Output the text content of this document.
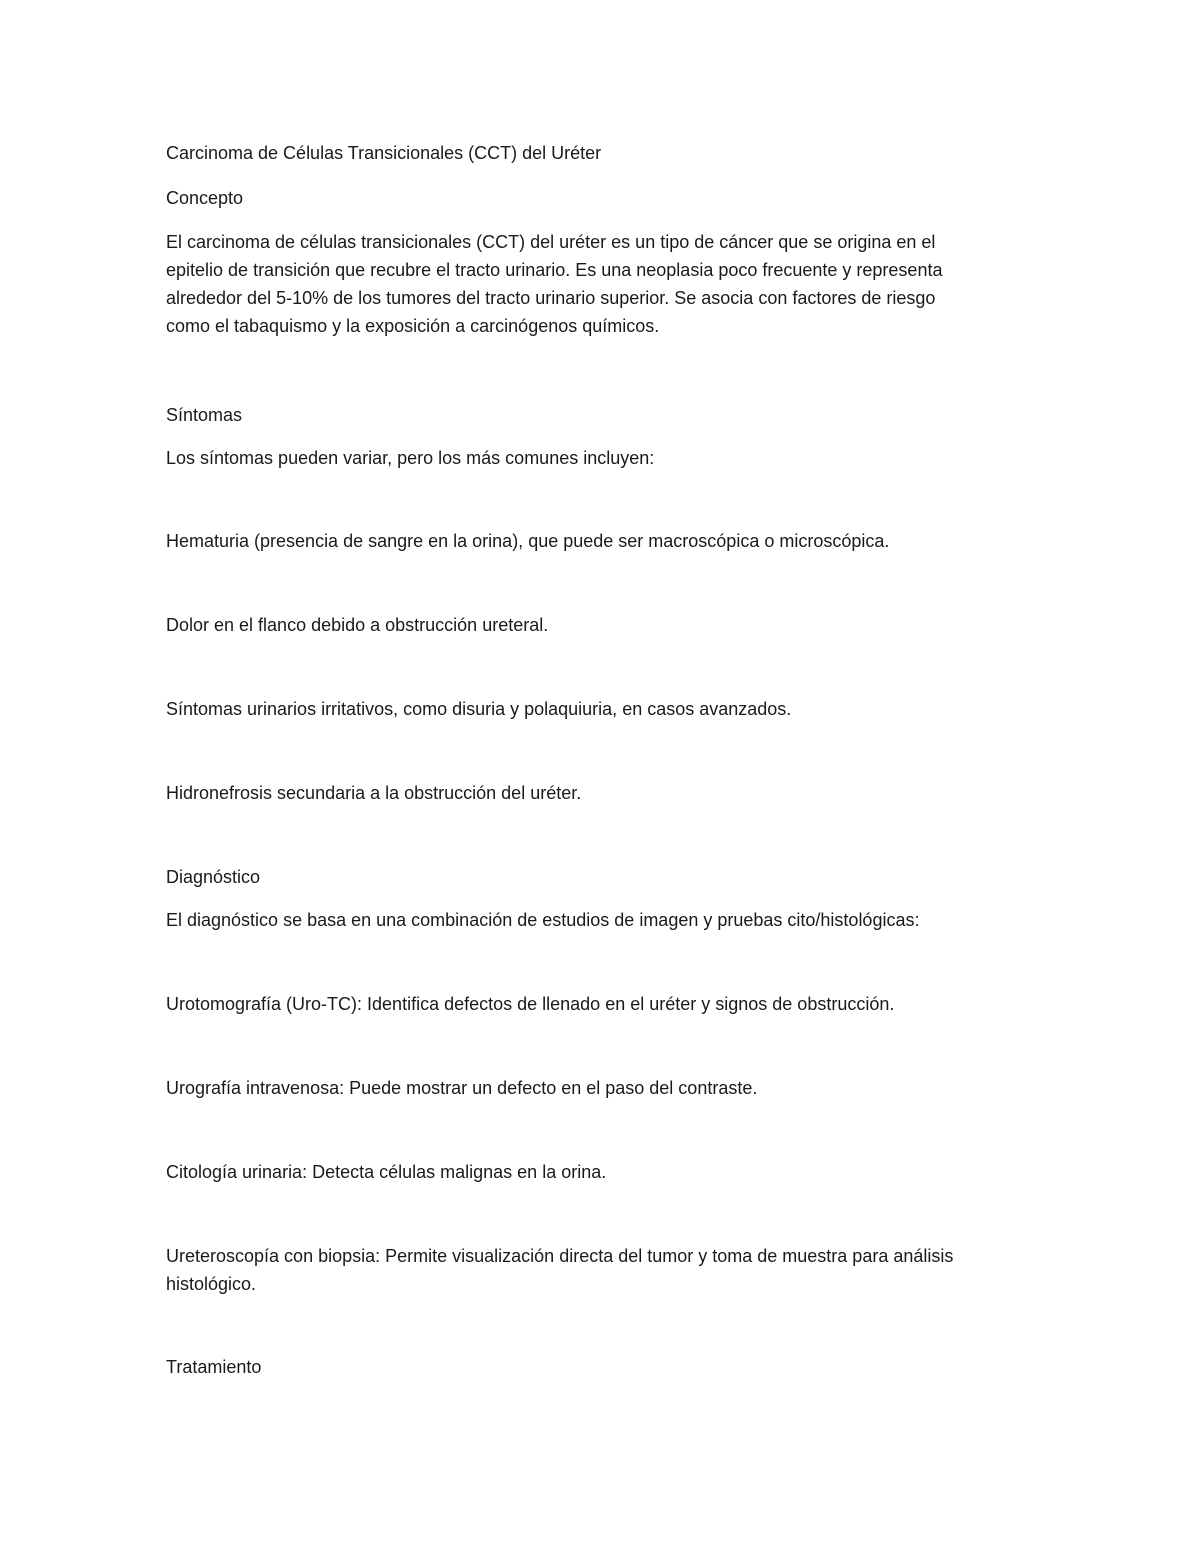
Carcinoma de Células Transicionales (CCT) del Uréter

Concepto

El carcinoma de células transicionales (CCT) del uréter es un tipo de cáncer que se origina en el

epitelio de transición que recubre el tracto urinario. Es una neoplasia poco frecuente y representa

alrededor del 5-10% de los tumores del tracto urinario superior. Se asocia con factores de riesgo

como el tabaquismo y la exposición a carcinógenos químicos.

Síntomas

Los síntomas pueden variar, pero los más comunes incluyen:

Hematuria (presencia de sangre en la orina), que puede ser macroscópica o microscópica.

Dolor en el flanco debido a obstrucción ureteral.

Síntomas urinarios irritativos, como disuria y polaquiuria, en casos avanzados.

Hidronefrosis secundaria a la obstrucción del uréter.

Diagnóstico

El diagnóstico se basa en una combinación de estudios de imagen y pruebas cito/histológicas:

Urotomografía (Uro-TC): Identifica defectos de llenado en el uréter y signos de obstrucción.

Urografía intravenosa: Puede mostrar un defecto en el paso del contraste.

Citología urinaria: Detecta células malignas en la orina.

Ureteroscopía con biopsia: Permite visualización directa del tumor y toma de muestra para análisis

histológico.

Tratamiento
